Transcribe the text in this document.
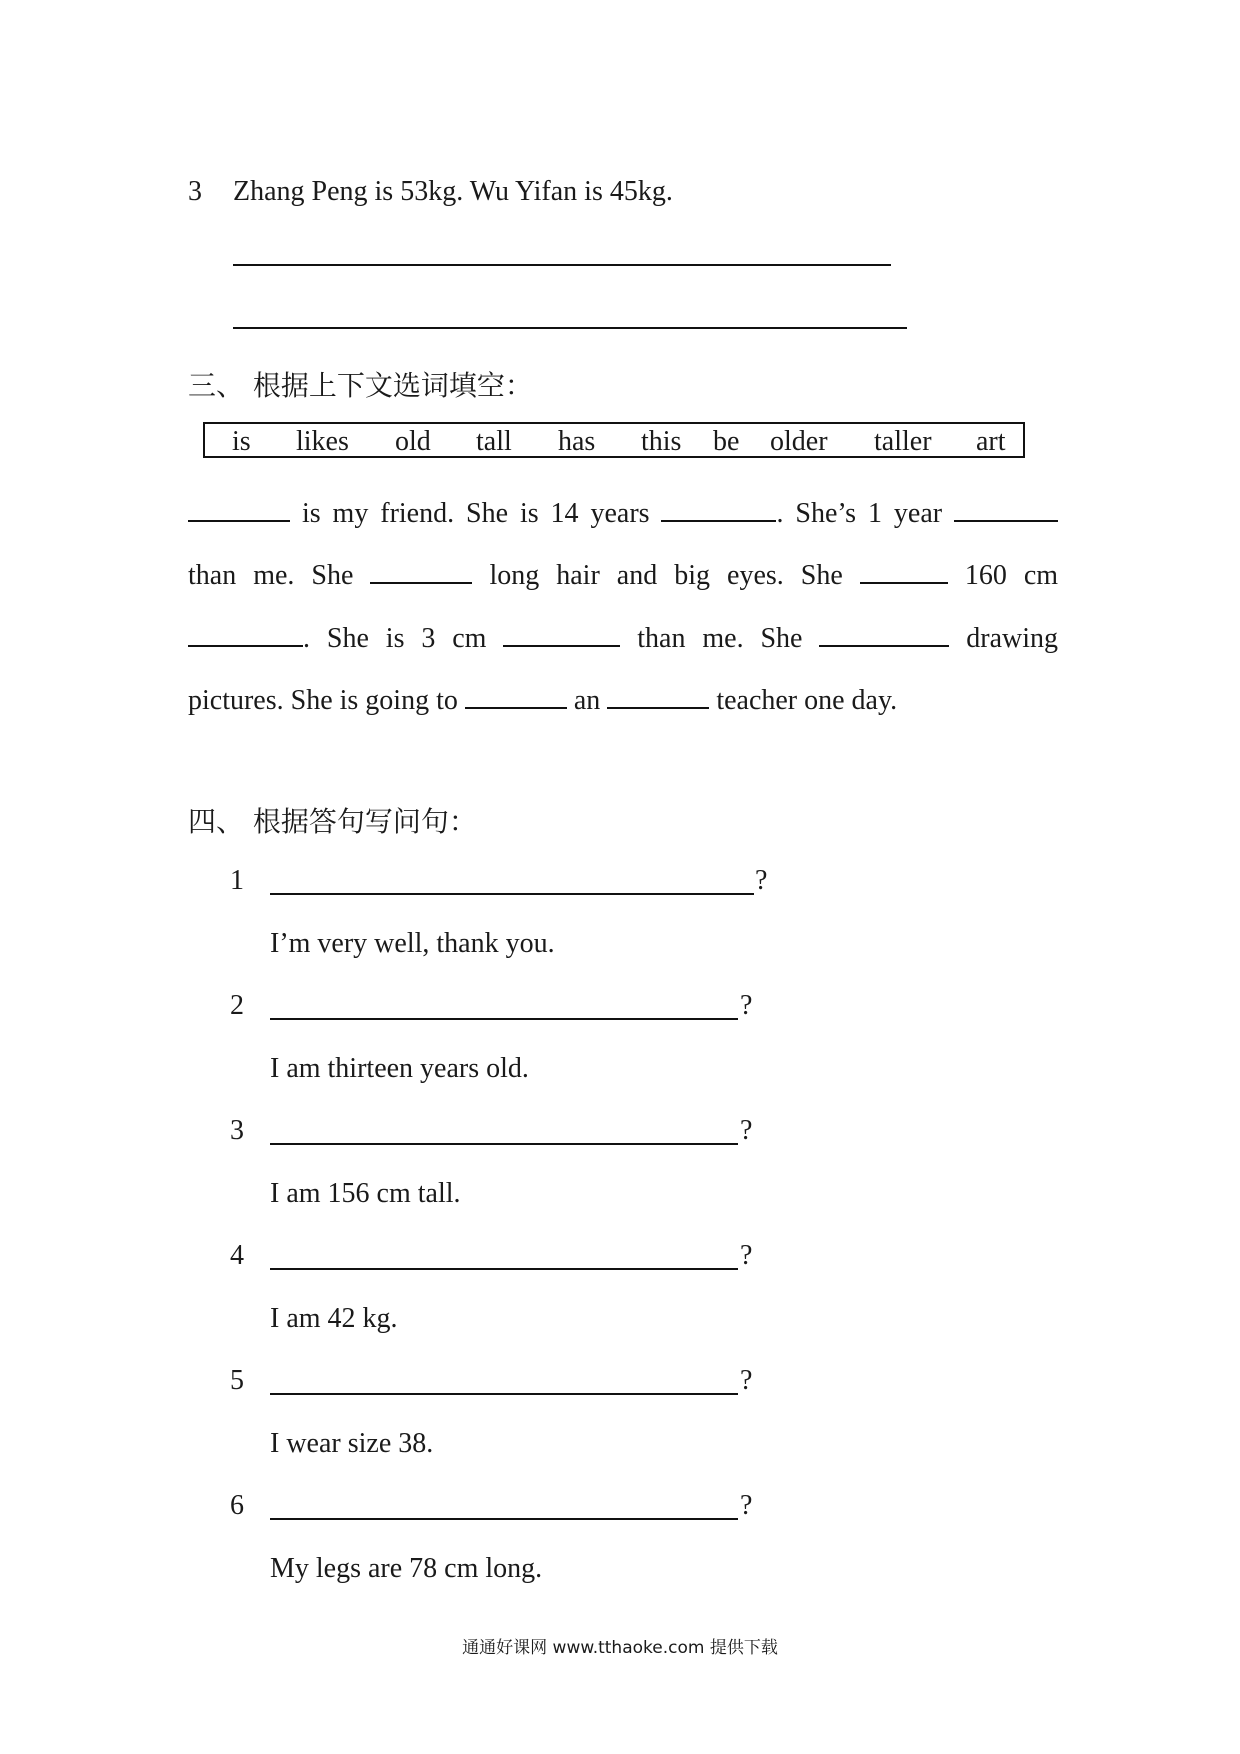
3 Zhang Peng is 53kg. Wu Yifan is 45kg.
三、 根据上下文选词填空：
is likes old tall has this be older taller art
is my friend. She is 14 years	. She’s 1 year
than me. She	long hair and big eyes. She	160 cm
. She is 3 cm	than me. She	drawing
pictures. She is going to	an	teacher one day.
四、 根据答句写问句：
1	?
I’m very well, thank you.
2	?
I am thirteen years old.
3	?
I am 156 cm tall.
4	?
I am 42 kg.
5	?
I wear size 38.
6	?
My legs are 78 cm long.
通通好课网 www.tthaoke.com 提供下载
